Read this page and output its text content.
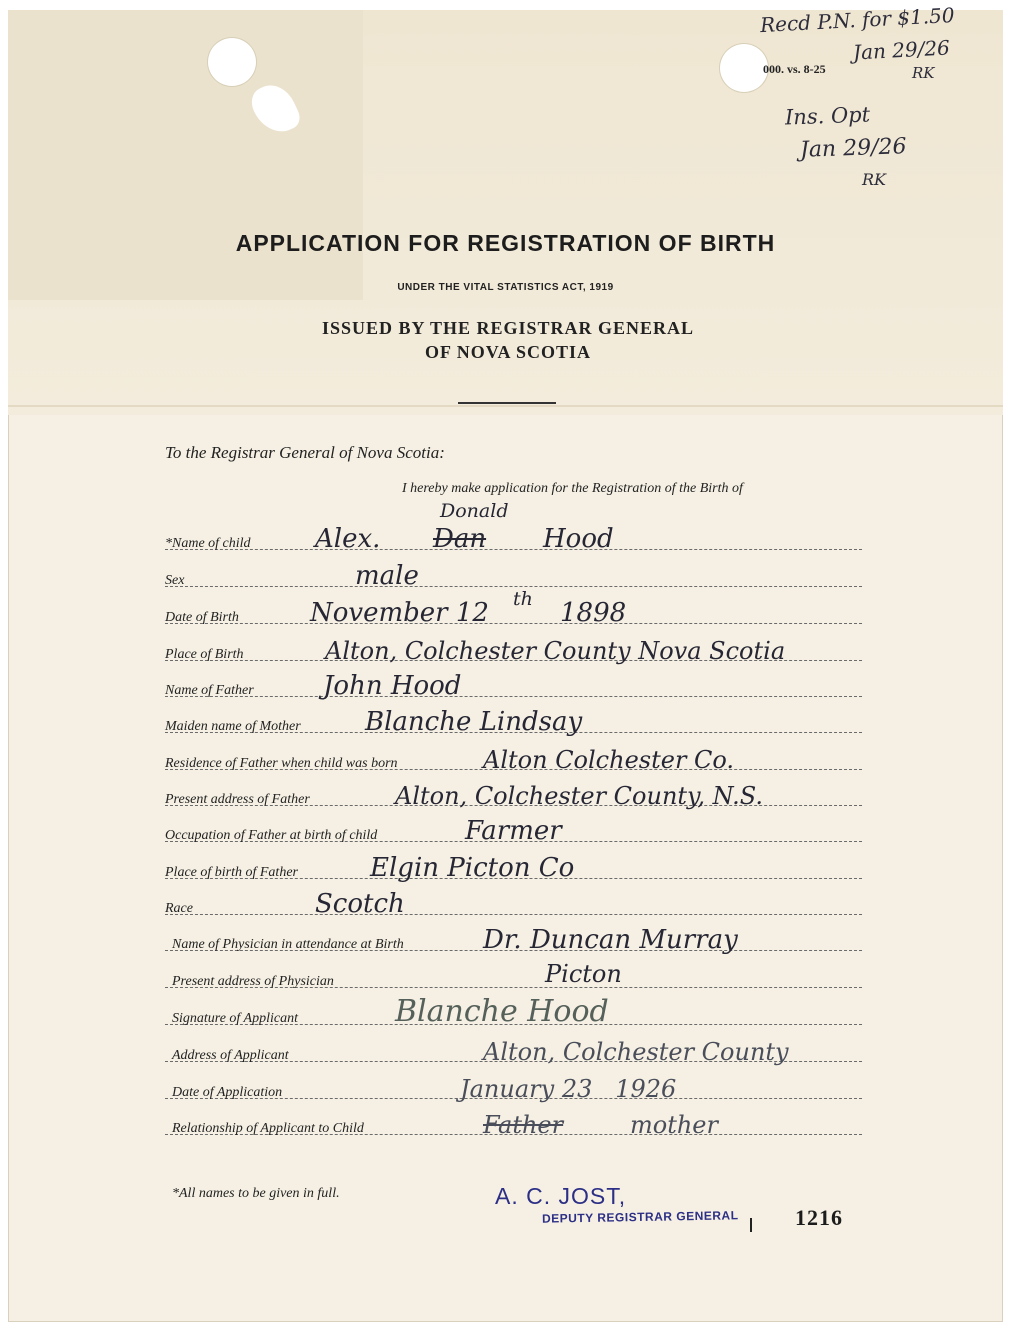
000. vs. 8-25
Recd P.N. for $1.50
Jan 29/26
RK
Ins. Opt
Jan 29/26
RK
APPLICATION FOR REGISTRATION OF BIRTH
UNDER THE VITAL STATISTICS ACT, 1919
ISSUED BY THE REGISTRAR GENERAL
OF NOVA SCOTIA
To the Registrar General of Nova Scotia:
I hereby make application for the Registration of the Birth of
*Name of child Alex. Dan Hood
Donald
Sex	male
Date of Birth	November 12	1898
th
Place of Birth	Alton, Colchester County Nova Scotia
Name of Father	John Hood
Maiden name of Mother Blanche Lindsay
Residence of Father when child was born	Alton Colchester Co.
Present address of Father	Alton, Colchester County, N.S.
Occupation of Father at birth of child	Farmer
Place of birth of Father	Elgin Picton Co
Race	Scotch
Name of Physician in attendance at Birth	Dr. Duncan Murray
Present address of Physician	Picton
Signature of Applicant	Blanche Hood
Address of Applicant	Alton, Colchester County
Date of Application	January 23   1926
Relationship of Applicant to Child	Father	mother
*All names to be given in full.	A. C. JOST,
DEPUTY REGISTRAR GENERAL	1216
